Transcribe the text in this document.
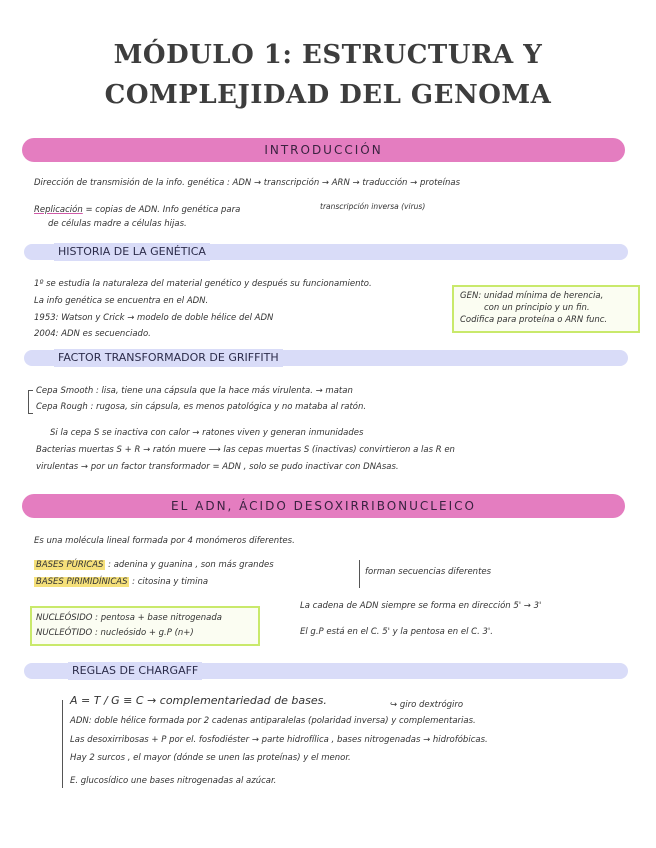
MÓDULO 1: ESTRUCTURA Y
COMPLEJIDAD DEL GENOMA
INTRODUCCIÓN
Dirección de transmisión de la info. genética : ADN → transcripción → ARN → traducción → proteínas
transcripción inversa (virus)
Replicación = copias de ADN. Info genética para
de células madre a células hijas.
HISTORIA DE LA GENÉTICA
1º se estudia la naturaleza del material genético y después su funcionamiento.
La info genética se encuentra en el ADN.
1953: Watson y Crick → modelo de doble hélice del ADN
2004: ADN es secuenciado.
GEN: unidad mínima de herencia,
con un principio y un fin.
Codifica para proteína o ARN func.
FACTOR TRANSFORMADOR DE GRIFFITH
Cepa Smooth : lisa, tiene una cápsula que la hace más virulenta. → matan
Cepa Rough : rugosa, sin cápsula, es menos patológica y no mataba al ratón.
Si la cepa S se inactiva con calor → ratones viven y generan inmunidades
Bacterias muertas S + R → ratón muere ⟶ las cepas muertas S (inactivas) convirtieron a las R en
virulentas → por un factor transformador = ADN , solo se pudo inactivar con DNAsas.
EL ADN, ÁCIDO DESOXIRRIBONUCLEICO
Es una molécula lineal formada por 4 monómeros diferentes.
BASES PÚRICAS : adenina y guanina , son más grandes
BASES PIRIMIDÍNICAS : citosina y timina
forman secuencias diferentes
NUCLEÓSIDO : pentosa + base nitrogenada
NUCLEÓTIDO : nucleósido + g.P (n+)
La cadena de ADN siempre se forma en dirección 5' → 3'
El g.P está en el C. 5' y la pentosa en el C. 3'.
REGLAS DE CHARGAFF
A = T / G ≡ C → complementariedad de bases.	↪ giro dextrógiro
ADN: doble hélice formada por 2 cadenas antiparalelas (polaridad inversa) y complementarias.
Las desoxirribosas + P por el. fosfodiéster → parte hidrofílica , bases nitrogenadas → hidrofóbicas.
Hay 2 surcos , el mayor (dónde se unen las proteínas) y el menor.
E. glucosídico une bases nitrogenadas al azúcar.
